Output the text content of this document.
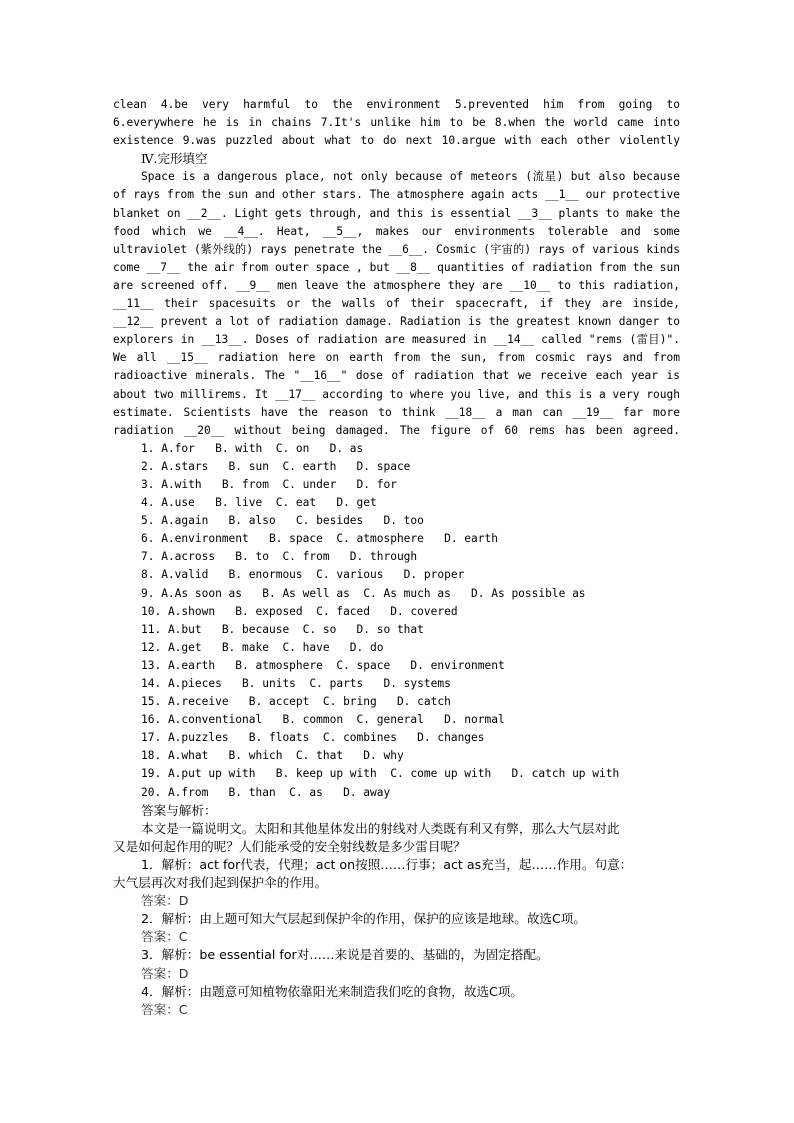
clean 4.be very harmful to the environment 5.prevented him from going to
6.everywhere he is in chains 7.It's unlike him to be 8.when the world came into
existence 9.was puzzled about what to do next 10.argue with each other violently
Ⅳ.完形填空
Space is a dangerous place, not only because of meteors (流星) but also because
of rays from the sun and other stars. The atmosphere again acts __1__ our protective
blanket on __2__. Light gets through, and this is essential __3__ plants to make the
food which we __4__. Heat, __5__, makes our environments tolerable and some
ultraviolet (紫外线的) rays penetrate the __6__. Cosmic (宇宙的) rays of various kinds
come __7__ the air from outer space , but __8__ quantities of radiation from the sun
are screened off. __9__ men leave the atmosphere they are __10__ to this radiation,
__11__ their spacesuits or the walls of their spacecraft, if they are inside,
__12__ prevent a lot of radiation damage. Radiation is the greatest known danger to
explorers in __13__. Doses of radiation are measured in __14__ called "rems (雷目)".
We all __15__ radiation here on earth from the sun, from cosmic rays and from
radioactive minerals. The "__16__" dose of radiation that we receive each year is
about two millirems. It __17__ according to where you live, and this is a very rough
estimate. Scientists have the reason to think __18__ a man can __19__ far more
radiation __20__ without being damaged. The figure of 60 rems has been agreed.
1. A.for   B. with  C. on   D. as
2. A.stars   B. sun  C. earth   D. space
3. A.with   B. from  C. under   D. for
4. A.use   B. live  C. eat   D. get
5. A.again   B. also   C. besides   D. too
6. A.environment   B. space  C. atmosphere   D. earth
7. A.across   B. to  C. from   D. through
8. A.valid   B. enormous  C. various   D. proper
9. A.As soon as   B. As well as  C. As much as   D. As possible as
10. A.shown   B. exposed  C. faced   D. covered
11. A.but   B. because  C. so   D. so that
12. A.get   B. make  C. have   D. do
13. A.earth   B. atmosphere  C. space   D. environment
14. A.pieces   B. units  C. parts   D. systems
15. A.receive   B. accept  C. bring   D. catch
16. A.conventional   B. common  C. general   D. normal
17. A.puzzles   B. floats  C. combines   D. changes
18. A.what   B. which  C. that   D. why
19. A.put up with   B. keep up with  C. come up with   D. catch up with
20. A.from   B. than  C. as   D. away
答案与解析：
本文是一篇说明文。太阳和其他星体发出的射线对人类既有利又有弊，那么大气层对此
又是如何起作用的呢？人们能承受的安全射线数是多少雷目呢？
1．解析：act for代表，代理；act on按照……行事；act as充当，起……作用。句意：
大气层再次对我们起到保护伞的作用。
答案：D
2．解析：由上题可知大气层起到保护伞的作用，保护的应该是地球。故选C项。
答案：C
3．解析：be essential for对……来说是首要的、基础的，为固定搭配。
答案：D
4．解析：由题意可知植物依靠阳光来制造我们吃的食物，故选C项。
答案：C
